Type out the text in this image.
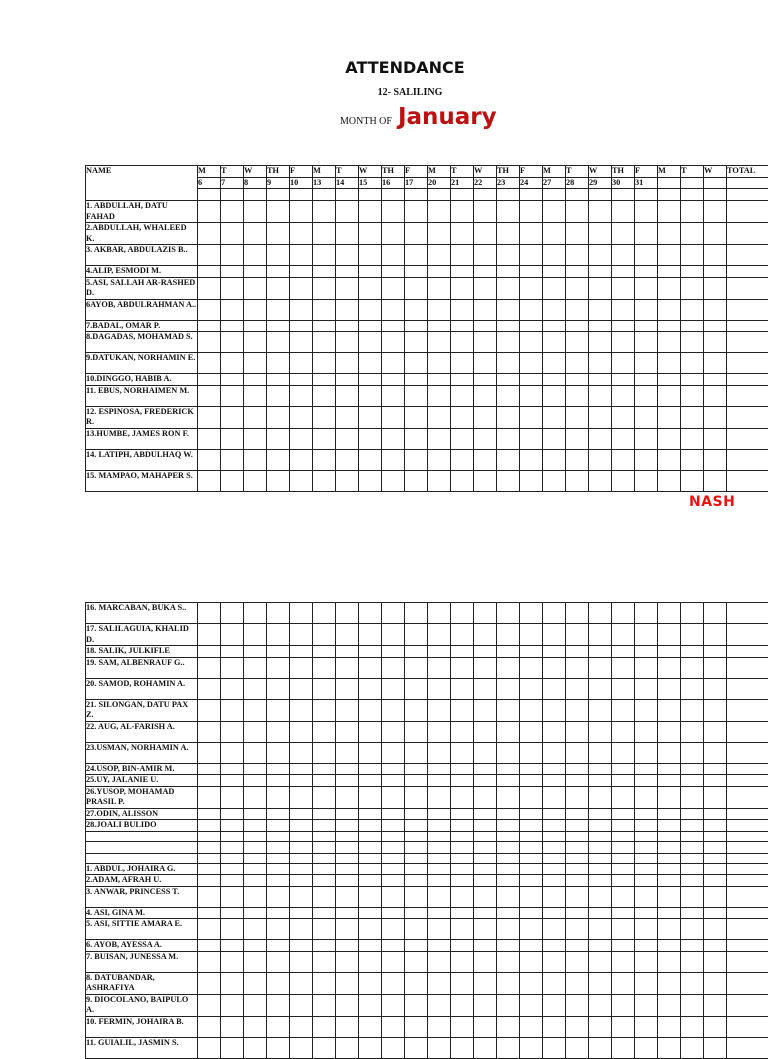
ATTENDANCE
12- SALILING
MONTH OF January
NAME	M	T	W	TH	F	M	T	W	TH	F	M	T	W	TH	F	M	T	W	TH	F	M	T	W	TOTAL
	6	7	8	9	10	13	14	15	16	17	20	21	22	23	24	27	28	29	30	31				

1. ABDULLAH, DATU FAHAD																								
2.ABDULLAH, WHALEED K.																								
3. AKBAR, ABDULAZIS B..																								
4.ALIP, ESMODI M.																								
5.ASI, SALLAH AR-RASHED D.																								
6AYOB, ABDULRAHMAN A..																								
7.BADAL, OMAR P.																								
8.DAGADAS, MOHAMAD S.																								
9.DATUKAN, NORHAMIN E.																								
10.DINGGO, HABIB A.																								
11. EBUS, NORHAIMEN M.																								
12. ESPINOSA, FREDERICK R.																								
13.HUMBE, JAMES RON F.																								
14. LATIPH, ABDULHAQ W.																								
15. MAMPAO, MAHAPER S.																								
NASH
16. MARCABAN, BUKA S..																								
17. SALILAGUIA, KHALID D.																								
18. SALIK, JULKIFLE																								
19. SAM, ALBENRAUF G..																								
20. SAMOD, ROHAMIN A.																								
21. SILONGAN, DATU PAX Z.																								
22. AUG, AL-FARISH A.																								
23.USMAN, NORHAMIN A.																								
24.USOP, BIN-AMIR M.																								
25.UY, JALANIE U.																								
26.YUSOP, MOHAMAD PRASIL P.																								
27.ODIN, ALISSON																								
28.JOALI BULIDO																								

1. ABDUL, JOHAIRA G.																								
2.ADAM, AFRAH U.																								
3. ANWAR, PRINCESS T.																								
4. ASI, GINA M.																								
5. ASI, SITTIE AMARA E.																								
6. AYOB, AYESSA A.																								
7. BUISAN, JUNESSA M.																								
8. DATUBANDAR, ASHRAFIYA																								
9. DIOCOLANO, BAIPULO A.																								
10. FERMIN, JOHAIRA B.																								
11. GUIALIL, JASMIN S.																								
